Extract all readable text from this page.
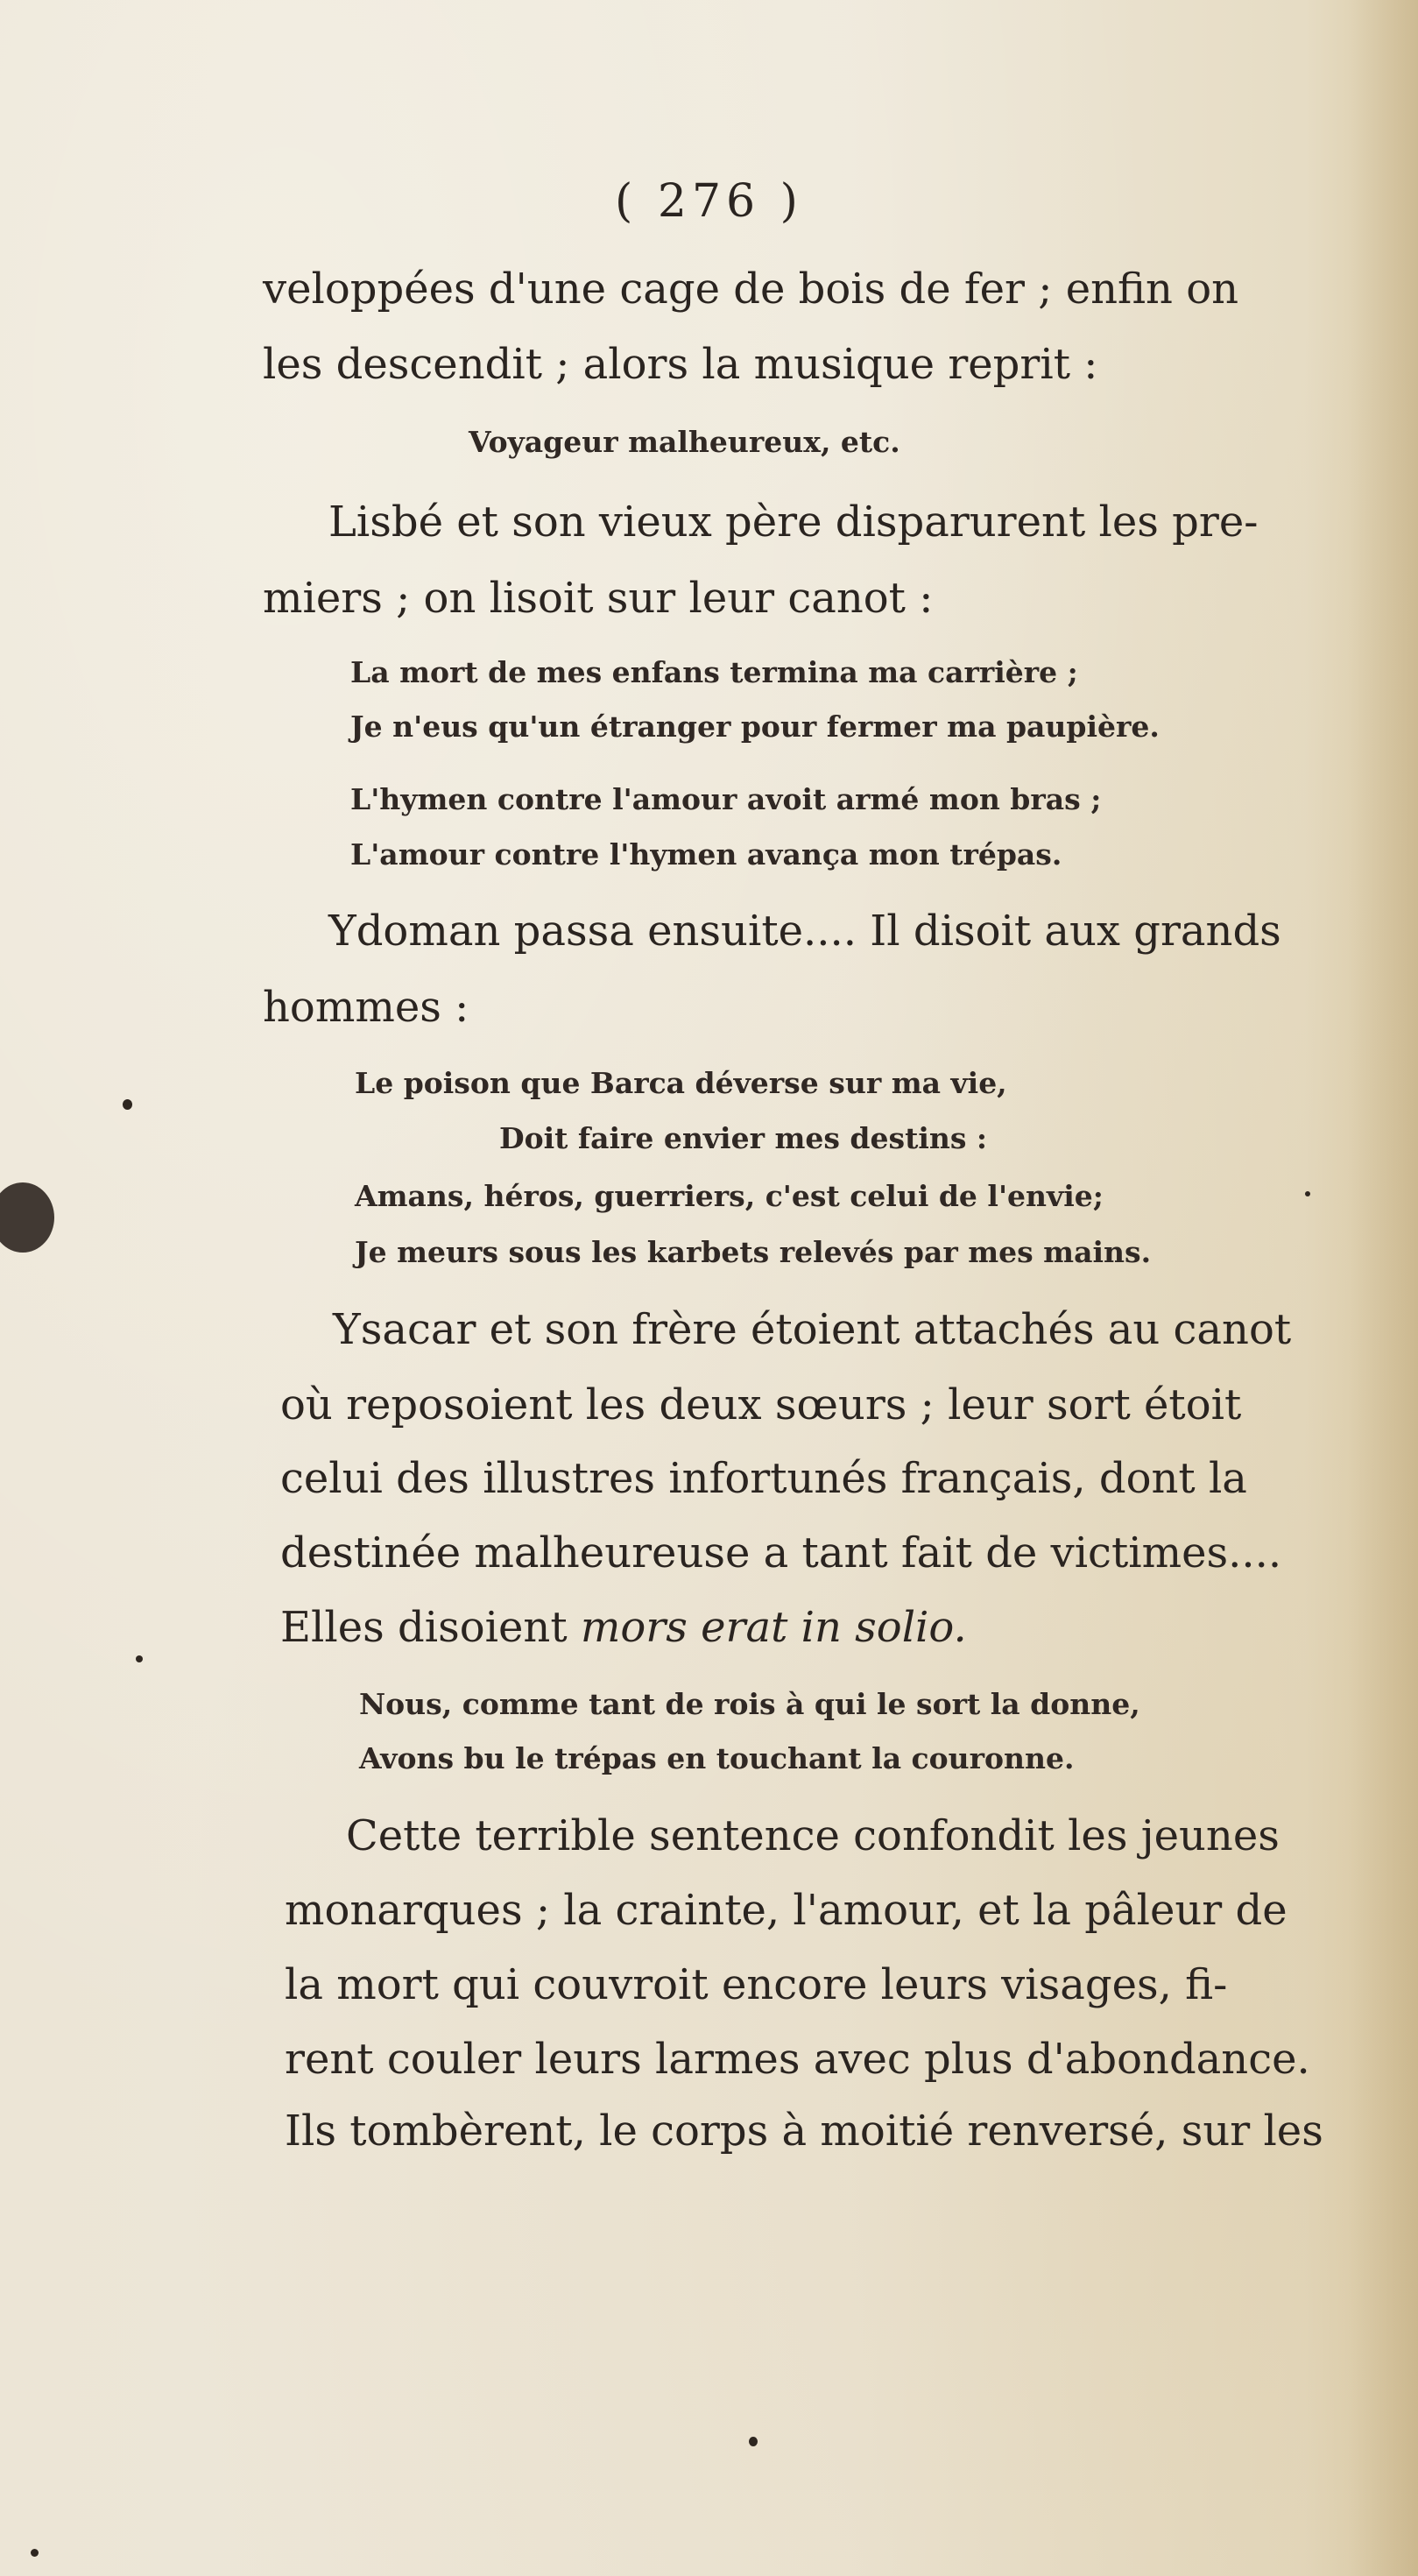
( 276 )
veloppées d'une cage de bois de fer ; enfin on
les descendit ; alors la musique reprit :
Voyageur malheureux, etc.
Lisbé et son vieux père disparurent les pre-
miers ; on lisoit sur leur canot :
La mort de mes enfans termina ma carrière ;
Je n'eus qu'un étranger pour fermer ma paupière.
L'hymen contre l'amour avoit armé mon bras ;
L'amour contre l'hymen avança mon trépas.
Ydoman passa ensuite.... Il disoit aux grands
hommes :
Le poison que Barca déverse sur ma vie,
Doit faire envier mes destins :
Amans, héros, guerriers, c'est celui de l'envie;
Je meurs sous les karbets relevés par mes mains.
Ysacar et son frère étoient attachés au canot
où reposoient les deux sœurs ; leur sort étoit
celui des illustres infortunés français, dont la
destinée malheureuse a tant fait de victimes....
Elles disoient mors erat in solio.
Nous, comme tant de rois à qui le sort la donne,
Avons bu le trépas en touchant la couronne.
Cette terrible sentence confondit les jeunes
monarques ; la crainte, l'amour, et la pâleur de
la mort qui couvroit encore leurs visages, fi-
rent couler leurs larmes avec plus d'abondance.
Ils tombèrent, le corps à moitié renversé, sur les
